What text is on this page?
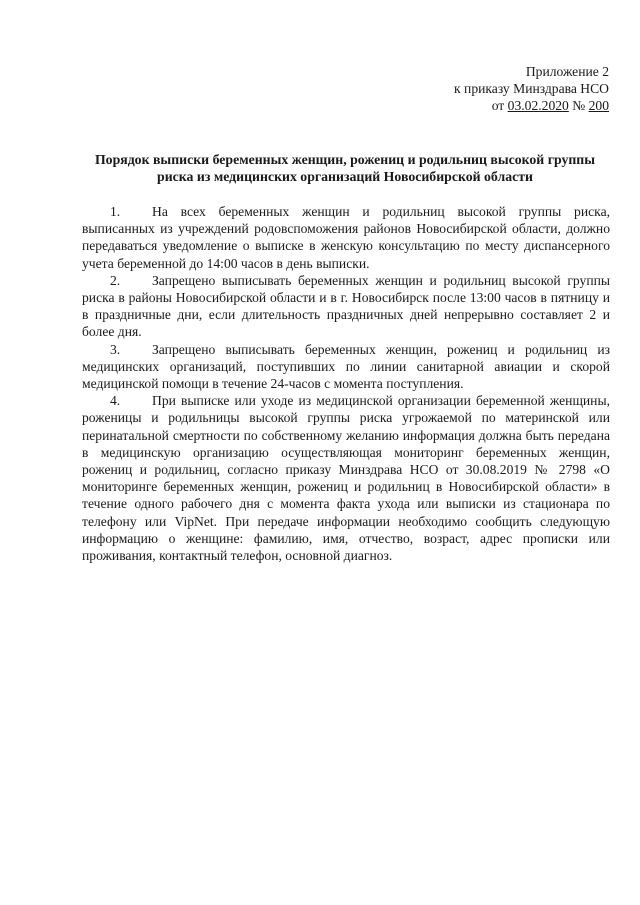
Приложение 2
к приказу Минздрава НСО
от 03.02.2020 № 200
Порядок выписки беременных женщин, рожениц и родильниц высокой группы риска из медицинских организаций Новосибирской области

1. На всех беременных женщин и родильниц высокой группы риска, выписанных из учреждений родовспоможения районов Новосибирской области, должно передаваться уведомление о выписке в женскую консультацию по месту диспансерного учета беременной до 14:00 часов в день выписки.

2. Запрещено выписывать беременных женщин и родильниц высокой группы риска в районы Новосибирской области и в г. Новосибирск после 13:00 часов в пятницу и в праздничные дни, если длительность праздничных дней непрерывно составляет 2 и более дня.

3. Запрещено выписывать беременных женщин, рожениц и родильниц из медицинских организаций, поступивших по линии санитарной авиации и скорой медицинской помощи в течение 24-часов с момента поступления.

4. При выписке или уходе из медицинской организации беременной женщины, роженицы и родильницы высокой группы риска угрожаемой по материнской или перинатальной смертности по собственному желанию информация должна быть передана в медицинскую организацию осуществляющая мониторинг беременных женщин, рожениц и родильниц, согласно приказу Минздрава НСО от 30.08.2019 № 2798 «О мониторинге беременных женщин, рожениц и родильниц в Новосибирской области» в течение одного рабочего дня с момента факта ухода или выписки из стационара по телефону или VipNet. При передаче информации необходимо сообщить следующую информацию о женщине: фамилию, имя, отчество, возраст, адрес прописки или проживания, контактный телефон, основной диагноз.
